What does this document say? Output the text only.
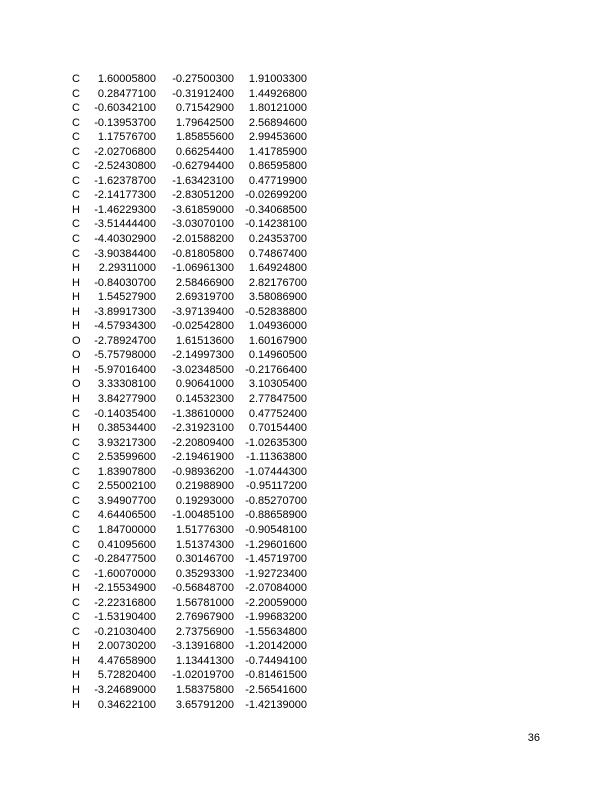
C	1.60005800	-0.27500300	1.91003300
C	0.28477100	-0.31912400	1.44926800
C	-0.60342100	0.71542900	1.80121000
C	-0.13953700	1.79642500	2.56894600
C	1.17576700	1.85855600	2.99453600
C	-2.02706800	0.66254400	1.41785900
C	-2.52430800	-0.62794400	0.86595800
C	-1.62378700	-1.63423100	0.47719900
C	-2.14177300	-2.83051200	-0.02699200
H	-1.46229300	-3.61859000	-0.34068500
C	-3.51444400	-3.03070100	-0.14238100
C	-4.40302900	-2.01588200	0.24353700
C	-3.90384400	-0.81805800	0.74867400
H	2.29311000	-1.06961300	1.64924800
H	-0.84030700	2.58466900	2.82176700
H	1.54527900	2.69319700	3.58086900
H	-3.89917300	-3.97139400	-0.52838800
H	-4.57934300	-0.02542800	1.04936000
O	-2.78924700	1.61513600	1.60167900
O	-5.75798000	-2.14997300	0.14960500
H	-5.97016400	-3.02348500	-0.21766400
O	3.33308100	0.90641000	3.10305400
H	3.84277900	0.14532300	2.77847500
C	-0.14035400	-1.38610000	0.47752400
H	0.38534400	-2.31923100	0.70154400
C	3.93217300	-2.20809400	-1.02635300
C	2.53599600	-2.19461900	-1.11363800
C	1.83907800	-0.98936200	-1.07444300
C	2.55002100	0.21988900	-0.95117200
C	3.94907700	0.19293000	-0.85270700
C	4.64406500	-1.00485100	-0.88658900
C	1.84700000	1.51776300	-0.90548100
C	0.41095600	1.51374300	-1.29601600
C	-0.28477500	0.30146700	-1.45719700
C	-1.60070000	0.35293300	-1.92723400
H	-2.15534900	-0.56848700	-2.07084000
C	-2.22316800	1.56781000	-2.20059000
C	-1.53190400	2.76967900	-1.99683200
C	-0.21030400	2.73756900	-1.55634800
H	2.00730200	-3.13916800	-1.20142000
H	4.47658900	1.13441300	-0.74494100
H	5.72820400	-1.02019700	-0.81461500
H	-3.24689000	1.58375800	-2.56541600
H	0.34622100	3.65791200	-1.42139000
36
